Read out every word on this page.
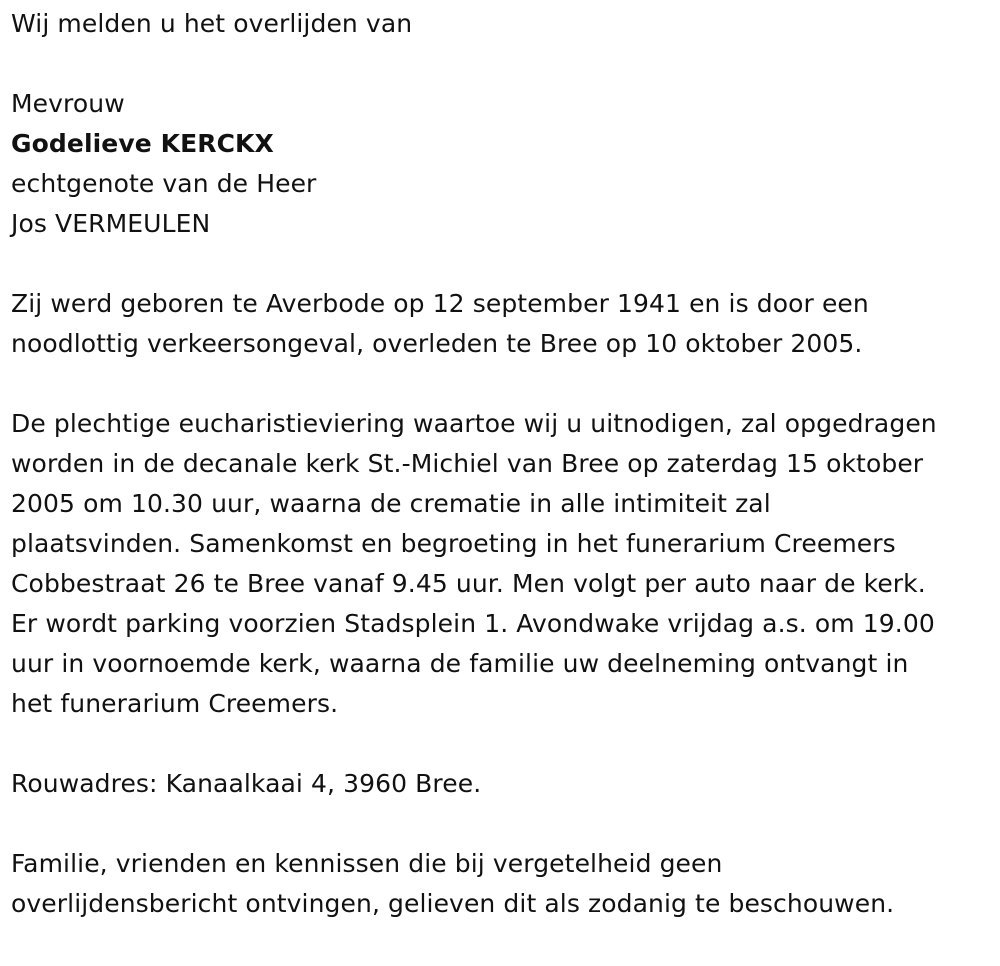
Wij melden u het overlijden van
Mevrouw
Godelieve KERCKX
echtgenote van de Heer
Jos VERMEULEN
Zij werd geboren te Averbode op 12 september 1941 en is door een
noodlottig verkeersongeval, overleden te Bree op 10 oktober 2005.
De plechtige eucharistieviering waartoe wij u uitnodigen, zal opgedragen
worden in de decanale kerk St.-Michiel van Bree op zaterdag 15 oktober
2005 om 10.30 uur, waarna de crematie in alle intimiteit zal
plaatsvinden. Samenkomst en begroeting in het funerarium Creemers
Cobbestraat 26 te Bree vanaf 9.45 uur. Men volgt per auto naar de kerk.
Er wordt parking voorzien Stadsplein 1. Avondwake vrijdag a.s. om 19.00
uur in voornoemde kerk, waarna de familie uw deelneming ontvangt in
het funerarium Creemers.
Rouwadres: Kanaalkaai 4, 3960 Bree.
Familie, vrienden en kennissen die bij vergetelheid geen
overlijdensbericht ontvingen, gelieven dit als zodanig te beschouwen.
